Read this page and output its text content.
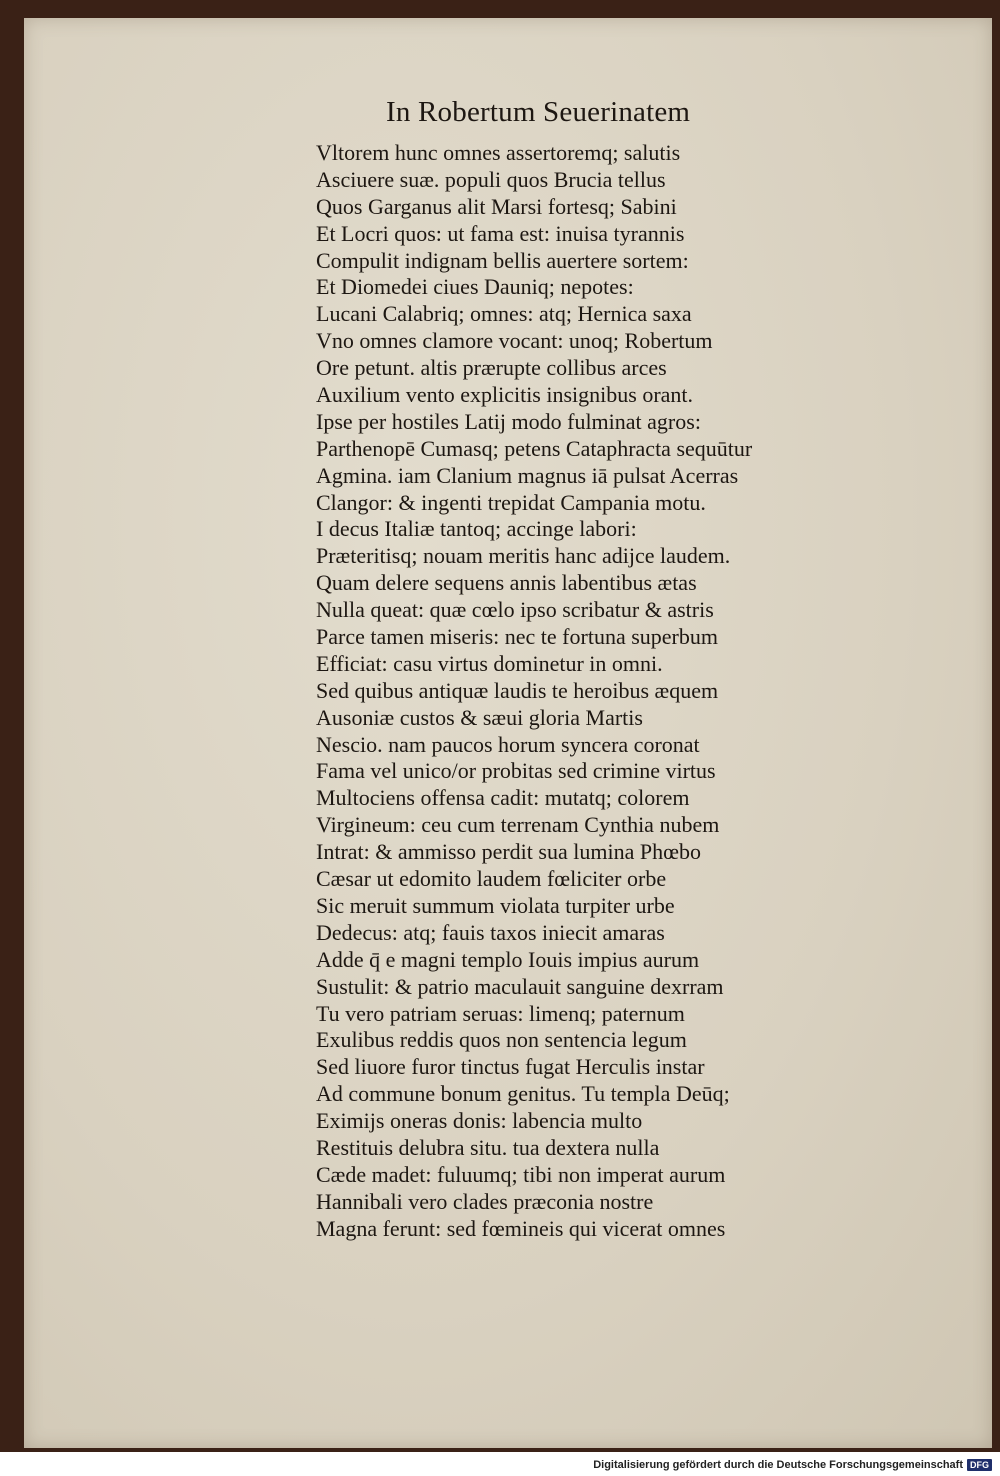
In Robertum Seuerinatem
Vltorem hunc omnes assertoremq; salutis
Asciuere suæ. populi quos Brucia tellus
Quos Garganus alit Marsi fortesq; Sabini
Et Locri quos: ut fama est: inuisa tyrannis
Compulit indignam bellis auertere sortem:
Et Diomedei ciues Dauniq; nepotes:
Lucani Calabriq; omnes: atq; Hernica saxa
Vno omnes clamore vocant: unoq; Robertum
Ore petunt. altis prærupte collibus arces
Auxilium vento explicitis insignibus orant.
Ipse per hostiles Latij modo fulminat agros:
Parthenopē Cumasq; petens Cataphracta sequūtur
Agmina. iam Clanium magnus iā pulsat Acerras
Clangor: & ingenti trepidat Campania motu.
I decus Italiæ tantoq; accinge labori:
Præteritisq; nouam meritis hanc adijce laudem.
Quam delere sequens annis labentibus ætas
Nulla queat: quæ cœlo ipso scribatur & astris
Parce tamen miseris: nec te fortuna superbum
Efficiat: casu virtus dominetur in omni.
Sed quibus antiquæ laudis te heroibus æquem
Ausoniæ custos & sæui gloria Martis
Nescio. nam paucos horum syncera coronat
Fama vel unico/or probitas sed crimine virtus
Multociens offensa cadit: mutatq; colorem
Virgineum: ceu cum terrenam Cynthia nubem
Intrat: & ammisso perdit sua lumina Phœbo
Cæsar ut edomito laudem fœliciter orbe
Sic meruit summum violata turpiter urbe
Dedecus: atq; fauis taxos iniecit amaras
Adde q̄ e magni templo Iouis impius aurum
Sustulit: & patrio maculauit sanguine dexrram
Tu vero patriam seruas: limenq; paternum
Exulibus reddis quos non sentencia legum
Sed liuore furor tinctus fugat Herculis instar
Ad commune bonum genitus. Tu templa Deūq;
Eximijs oneras donis: labencia multo
Restituis delubra situ. tua dextera nulla
Cæde madet: fuluumq; tibi non imperat aurum
Hannibali vero clades præconia nostre
Magna ferunt: sed fœmineis qui vicerat omnes
Digitalisierung gefördert durch die Deutsche Forschungsgemeinschaft DFG
